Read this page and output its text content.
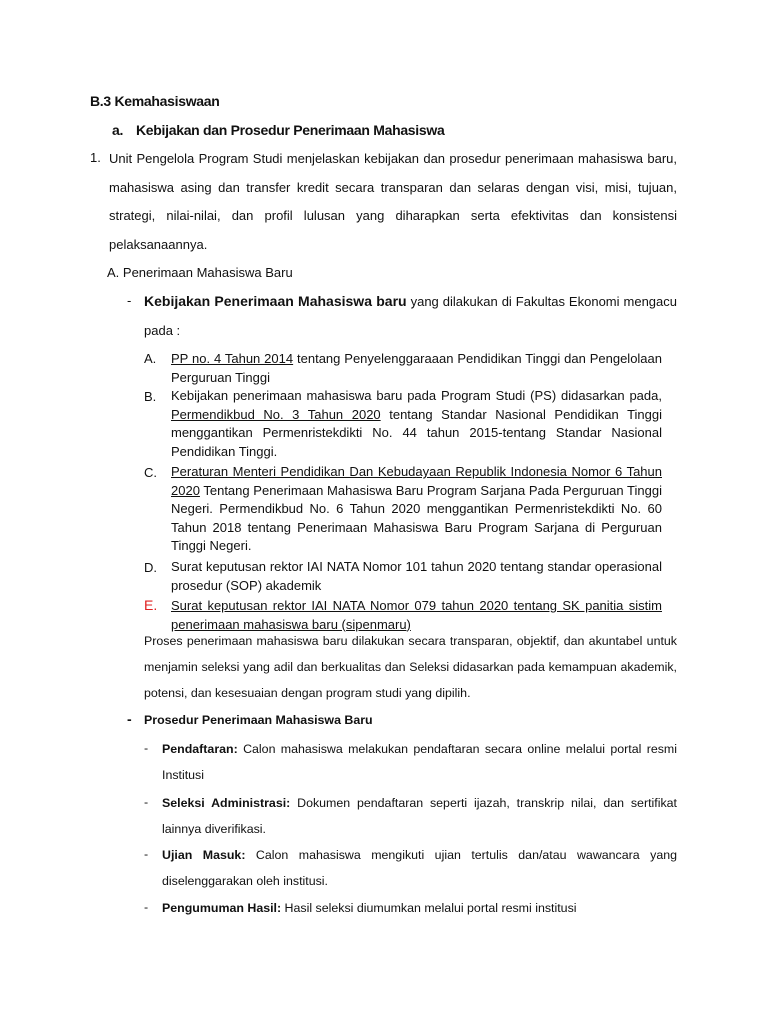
B.3 Kemahasiswaan
a. Kebijakan dan Prosedur Penerimaan Mahasiswa
1. Unit Pengelola Program Studi menjelaskan kebijakan dan prosedur penerimaan mahasiswa baru, mahasiswa asing dan transfer kredit secara transparan dan selaras dengan visi, misi, tujuan, strategi, nilai-nilai, dan profil lulusan yang diharapkan serta efektivitas dan konsistensi pelaksanaannya.
A. Penerimaan Mahasiswa Baru
- Kebijakan Penerimaan Mahasiswa baru yang dilakukan di Fakultas Ekonomi mengacu pada :
A. PP no. 4 Tahun 2014 tentang Penyelenggaraaan Pendidikan Tinggi dan Pengelolaan Perguruan Tinggi
B. Kebijakan penerimaan mahasiswa baru pada Program Studi (PS) didasarkan pada, Permendikbud No. 3 Tahun 2020 tentang Standar Nasional Pendidikan Tinggi menggantikan Permenristekdikti No. 44 tahun 2015-tentang Standar Nasional Pendidikan Tinggi.
C. Peraturan Menteri Pendidikan Dan Kebudayaan Republik Indonesia Nomor 6 Tahun 2020 Tentang Penerimaan Mahasiswa Baru Program Sarjana Pada Perguruan Tinggi Negeri. Permendikbud No. 6 Tahun 2020 menggantikan Permenristekdikti No. 60 Tahun 2018 tentang Penerimaan Mahasiswa Baru Program Sarjana di Perguruan Tinggi Negeri.
D. Surat keputusan rektor IAI NATA Nomor 101 tahun 2020 tentang standar operasional prosedur (SOP) akademik
E. Surat keputusan rektor IAI NATA Nomor 079 tahun 2020 tentang SK panitia sistim penerimaan mahasiswa baru (sipenmaru)
Proses penerimaan mahasiswa baru dilakukan secara transparan, objektif, dan akuntabel untuk menjamin seleksi yang adil dan berkualitas dan Seleksi didasarkan pada kemampuan akademik, potensi, dan kesesuaian dengan program studi yang dipilih.
- Prosedur Penerimaan Mahasiswa Baru
- Pendaftaran: Calon mahasiswa melakukan pendaftaran secara online melalui portal resmi Institusi
- Seleksi Administrasi: Dokumen pendaftaran seperti ijazah, transkrip nilai, dan sertifikat lainnya diverifikasi.
- Ujian Masuk: Calon mahasiswa mengikuti ujian tertulis dan/atau wawancara yang diselenggarakan oleh institusi.
- Pengumuman Hasil: Hasil seleksi diumumkan melalui portal resmi institusi
